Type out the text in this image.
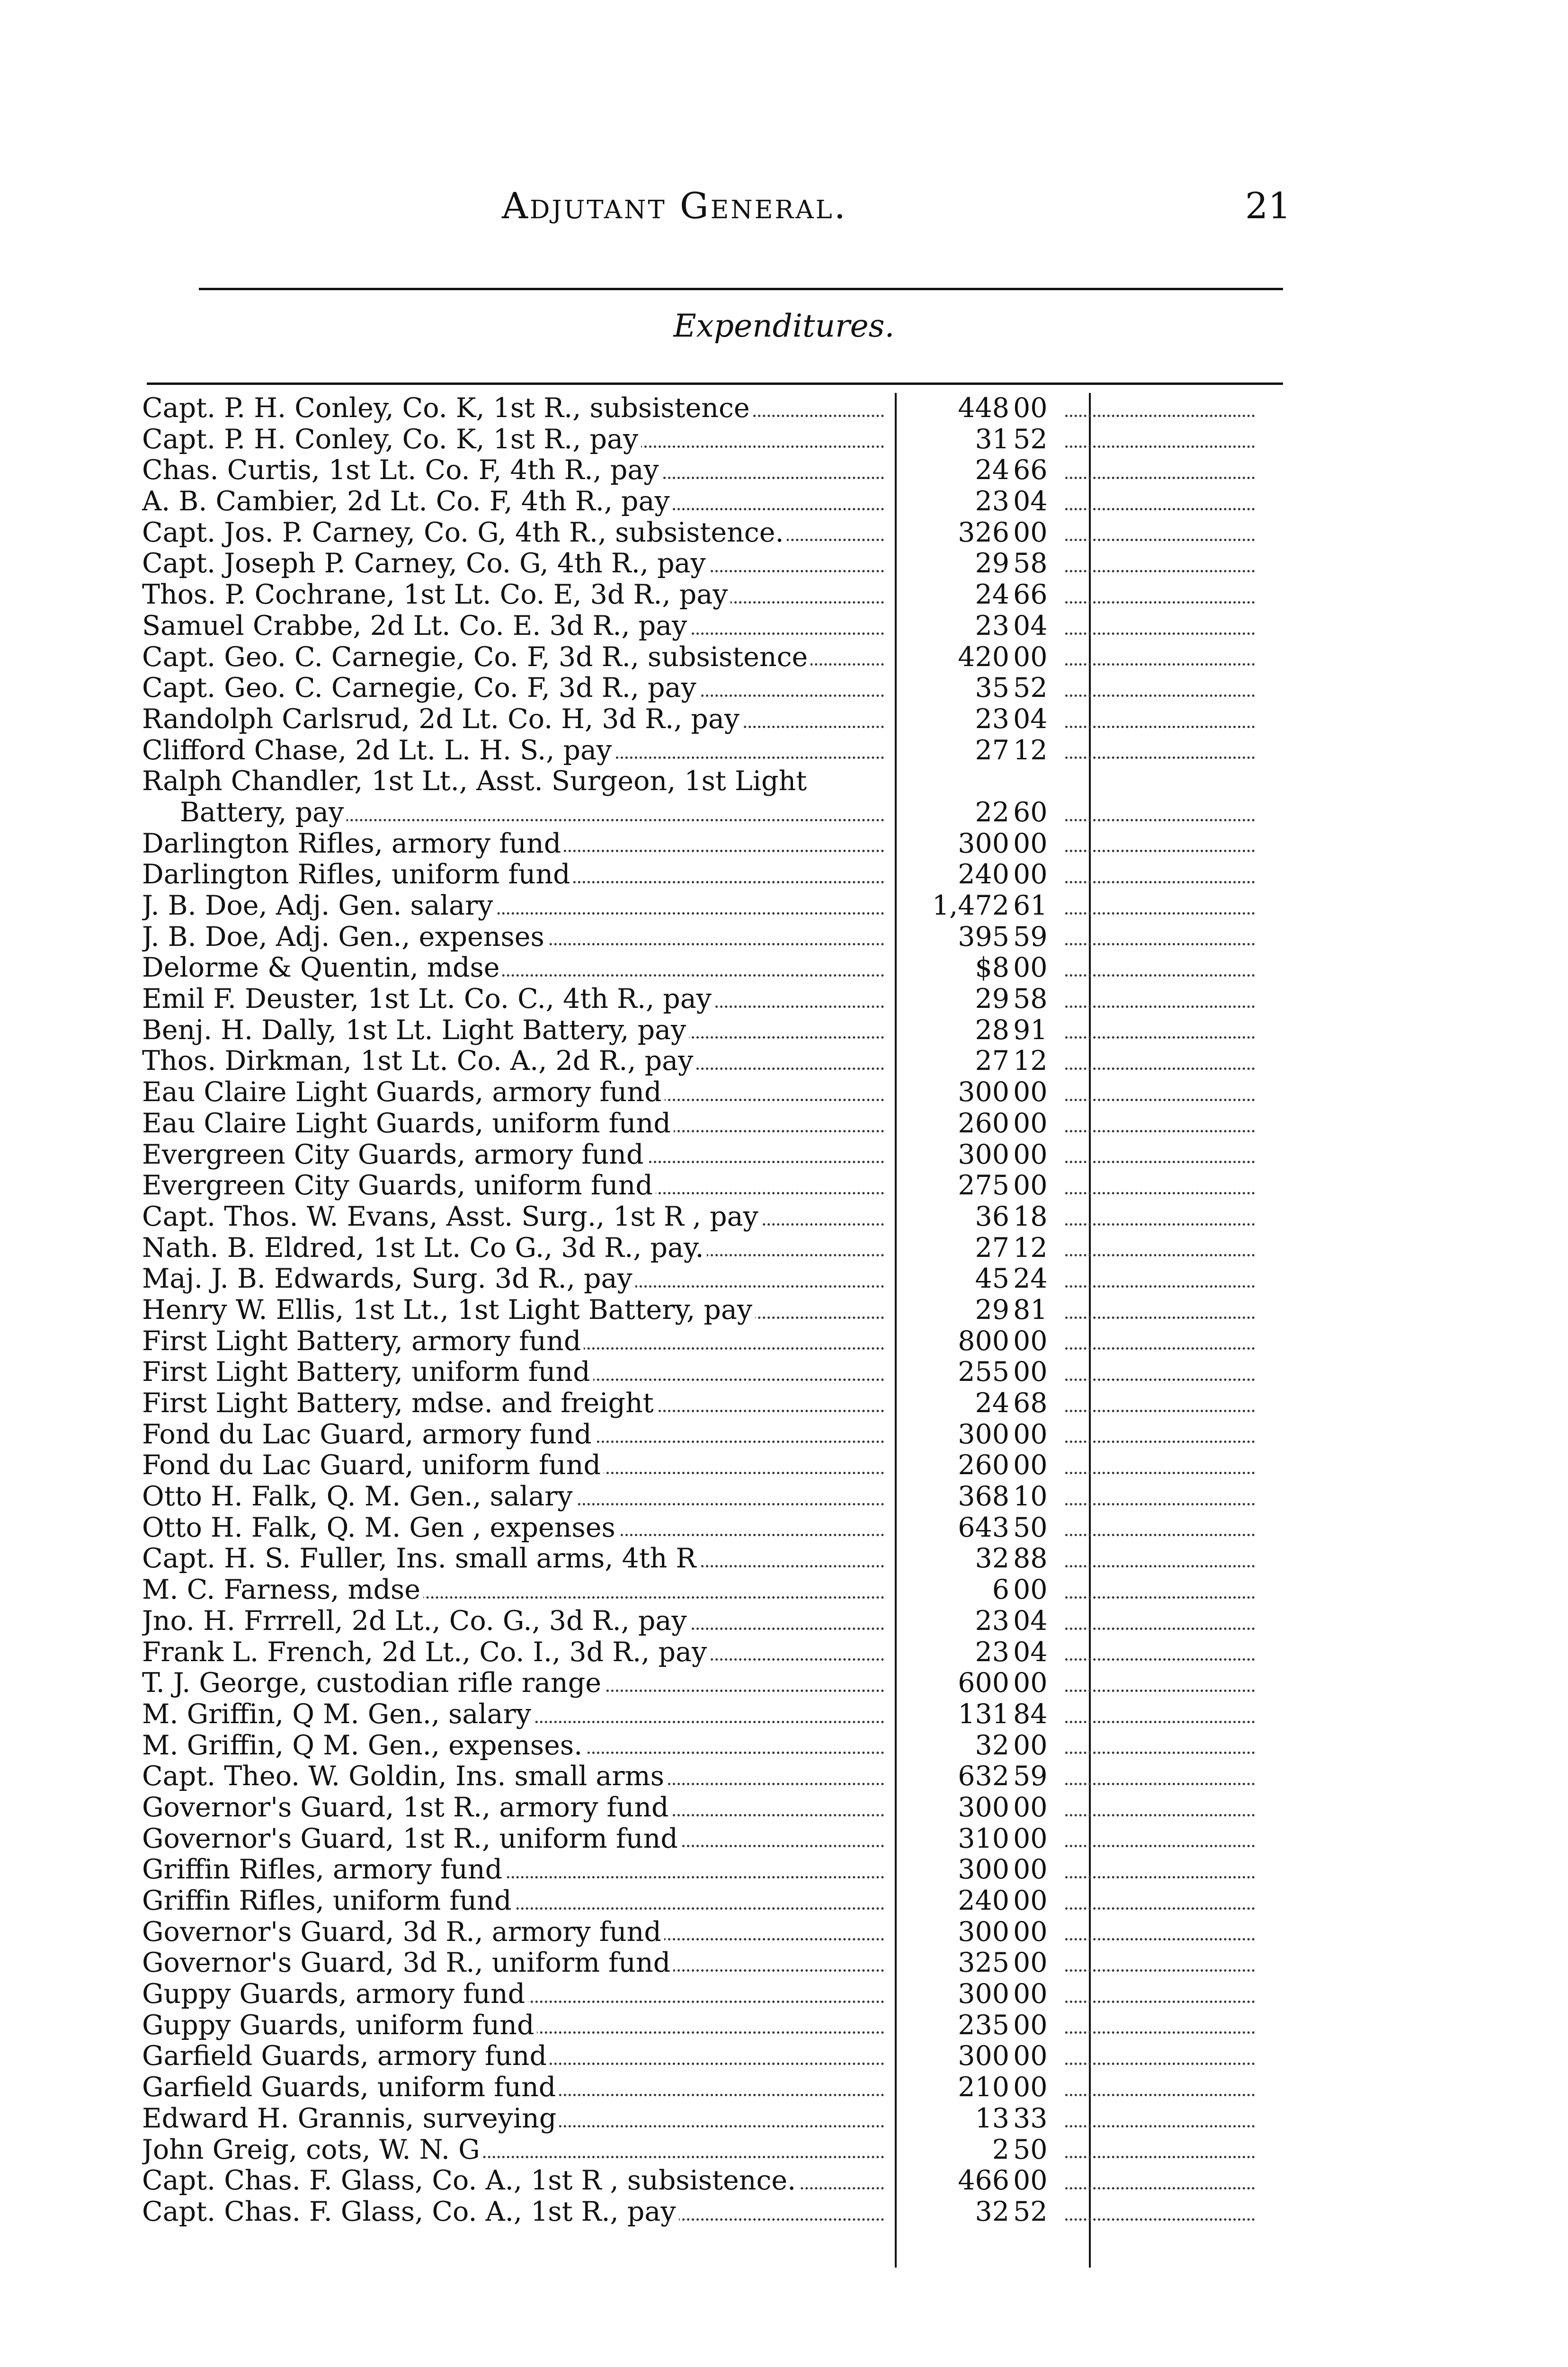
Adjutant General.	21
Expenditures.
Capt. P. H. Conley, Co. K, 1st R., subsistence	448 00
Capt. P. H. Conley, Co. K, 1st R., pay	31 52
Chas. Curtis, 1st Lt. Co. F, 4th R., pay	24 66
A. B. Cambier, 2d Lt. Co. F, 4th R., pay	23 04
Capt. Jos. P. Carney, Co. G, 4th R., subsistence.	326 00
Capt. Joseph P. Carney, Co. G, 4th R., pay	29 58
Thos. P. Cochrane, 1st Lt. Co. E, 3d R., pay	24 66
Samuel Crabbe, 2d Lt. Co. E. 3d R., pay	23 04
Capt. Geo. C. Carnegie, Co. F, 3d R., subsistence	420 00
Capt. Geo. C. Carnegie, Co. F, 3d R., pay	35 52
Randolph Carlsrud, 2d Lt. Co. H, 3d R., pay	23 04
Clifford Chase, 2d Lt. L. H. S., pay	27 12
Ralph Chandler, 1st Lt., Asst. Surgeon, 1st Light
Battery, pay	22 60
Darlington Rifles, armory fund	300 00
Darlington Rifles, uniform fund	240 00
J. B. Doe, Adj. Gen. salary	1,472 61
J. B. Doe, Adj. Gen., expenses	395 59
Delorme & Quentin, mdse	$8 00
Emil F. Deuster, 1st Lt. Co. C., 4th R., pay	29 58
Benj. H. Dally, 1st Lt. Light Battery, pay	28 91
Thos. Dirkman, 1st Lt. Co. A., 2d R., pay	27 12
Eau Claire Light Guards, armory fund	300 00
Eau Claire Light Guards, uniform fund	260 00
Evergreen City Guards, armory fund	300 00
Evergreen City Guards, uniform fund	275 00
Capt. Thos. W. Evans, Asst. Surg., 1st R , pay	36 18
Nath. B. Eldred, 1st Lt. Co G., 3d R., pay.	27 12
Maj. J. B. Edwards, Surg. 3d R., pay	45 24
Henry W. Ellis, 1st Lt., 1st Light Battery, pay	29 81
First Light Battery, armory fund	800 00
First Light Battery, uniform fund	255 00
First Light Battery, mdse. and freight	24 68
Fond du Lac Guard, armory fund	300 00
Fond du Lac Guard, uniform fund	260 00
Otto H. Falk, Q. M. Gen., salary	368 10
Otto H. Falk, Q. M. Gen , expenses	643 50
Capt. H. S. Fuller, Ins. small arms, 4th R	32 88
M. C. Farness, mdse	6 00
Jno. H. Frrrell, 2d Lt., Co. G., 3d R., pay	23 04
Frank L. French, 2d Lt., Co. I., 3d R., pay	23 04
T. J. George, custodian rifle range	600 00
M. Griffin, Q M. Gen., salary	131 84
M. Griffin, Q M. Gen., expenses.	32 00
Capt. Theo. W. Goldin, Ins. small arms	632 59
Governor's Guard, 1st R., armory fund	300 00
Governor's Guard, 1st R., uniform fund	310 00
Griffin Rifles, armory fund	300 00
Griffin Rifles, uniform fund	240 00
Governor's Guard, 3d R., armory fund	300 00
Governor's Guard, 3d R., uniform fund	325 00
Guppy Guards, armory fund	300 00
Guppy Guards, uniform fund	235 00
Garfield Guards, armory fund	300 00
Garfield Guards, uniform fund	210 00
Edward H. Grannis, surveying	13 33
John Greig, cots, W. N. G	2 50
Capt. Chas. F. Glass, Co. A., 1st R , subsistence.	466 00
Capt. Chas. F. Glass, Co. A., 1st R., pay	32 52
